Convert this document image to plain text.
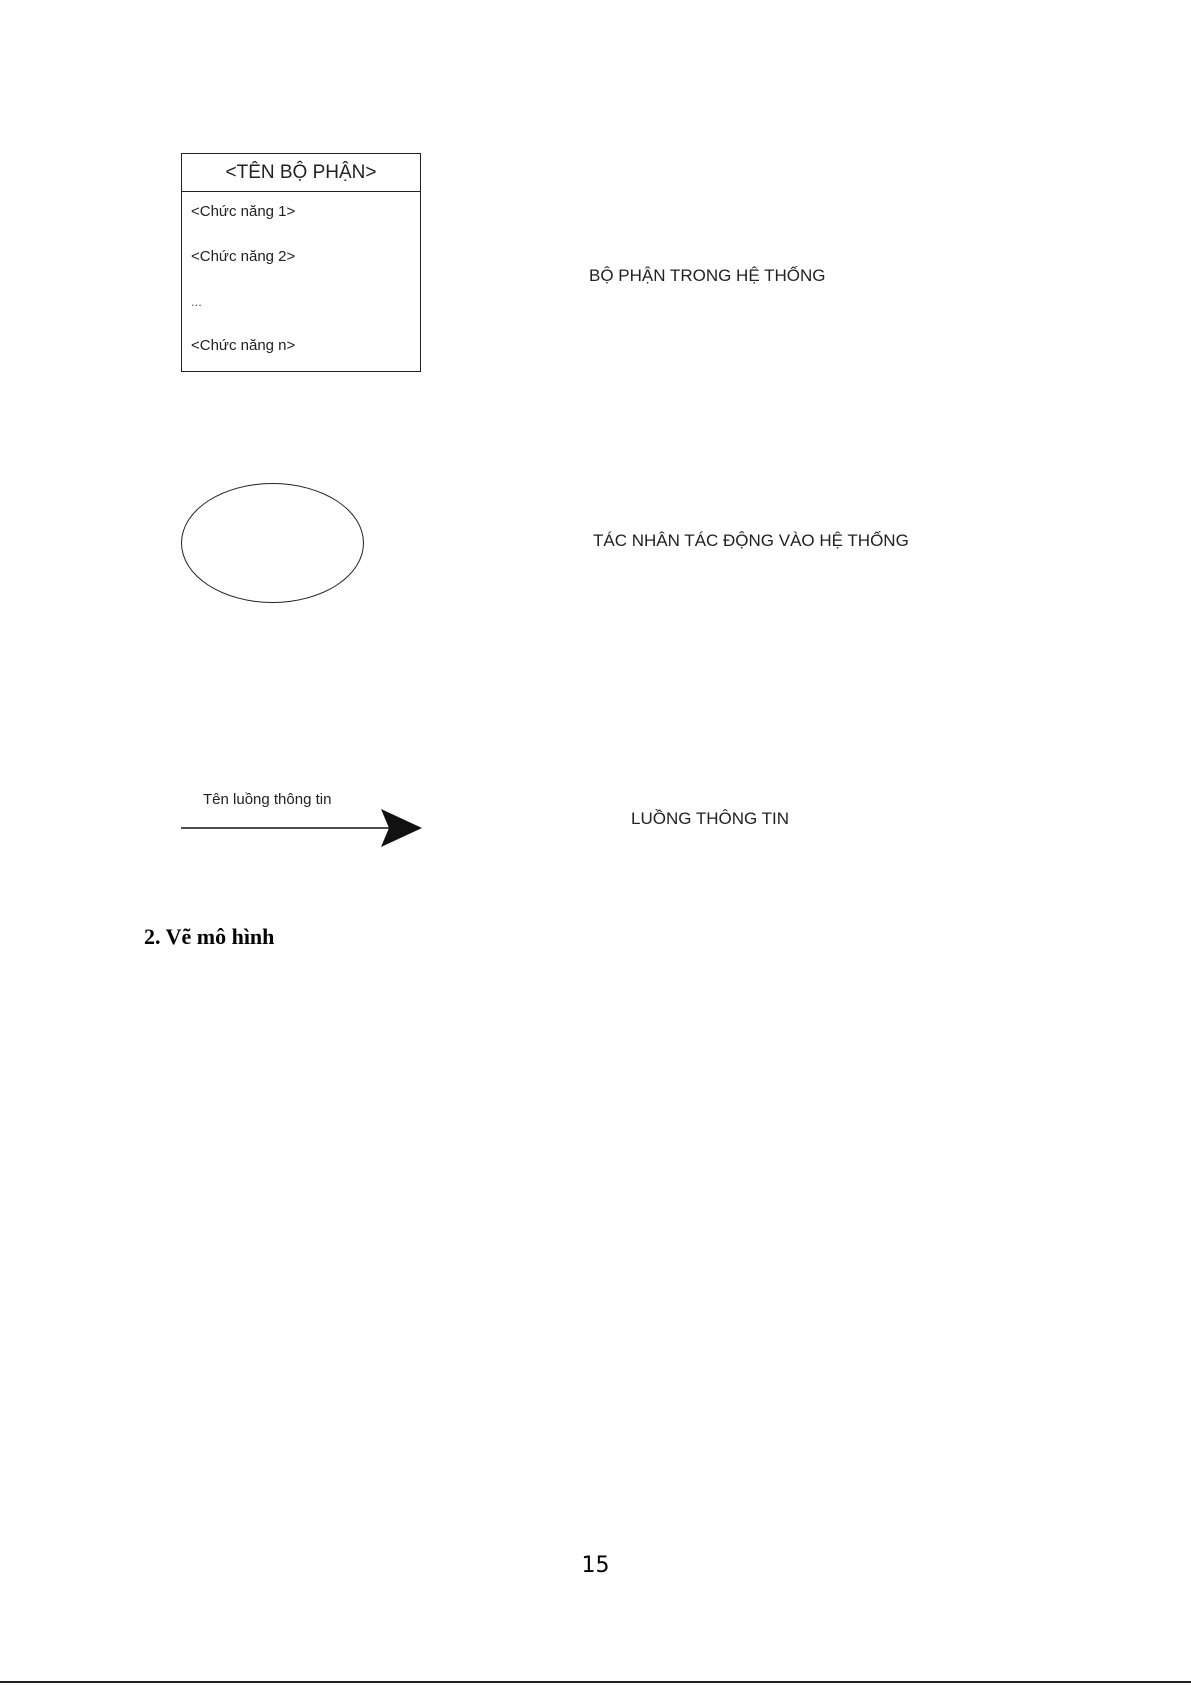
<TÊN BỘ PHẬN>
<Chức năng 1>
<Chức năng 2>
...
<Chức năng n>
BỘ PHẬN TRONG HỆ THỐNG
TÁC NHÂN TÁC ĐỘNG VÀO HỆ THỐNG
Tên luồng thông tin
LUỒNG THÔNG TIN
2. Vẽ mô hình
15
